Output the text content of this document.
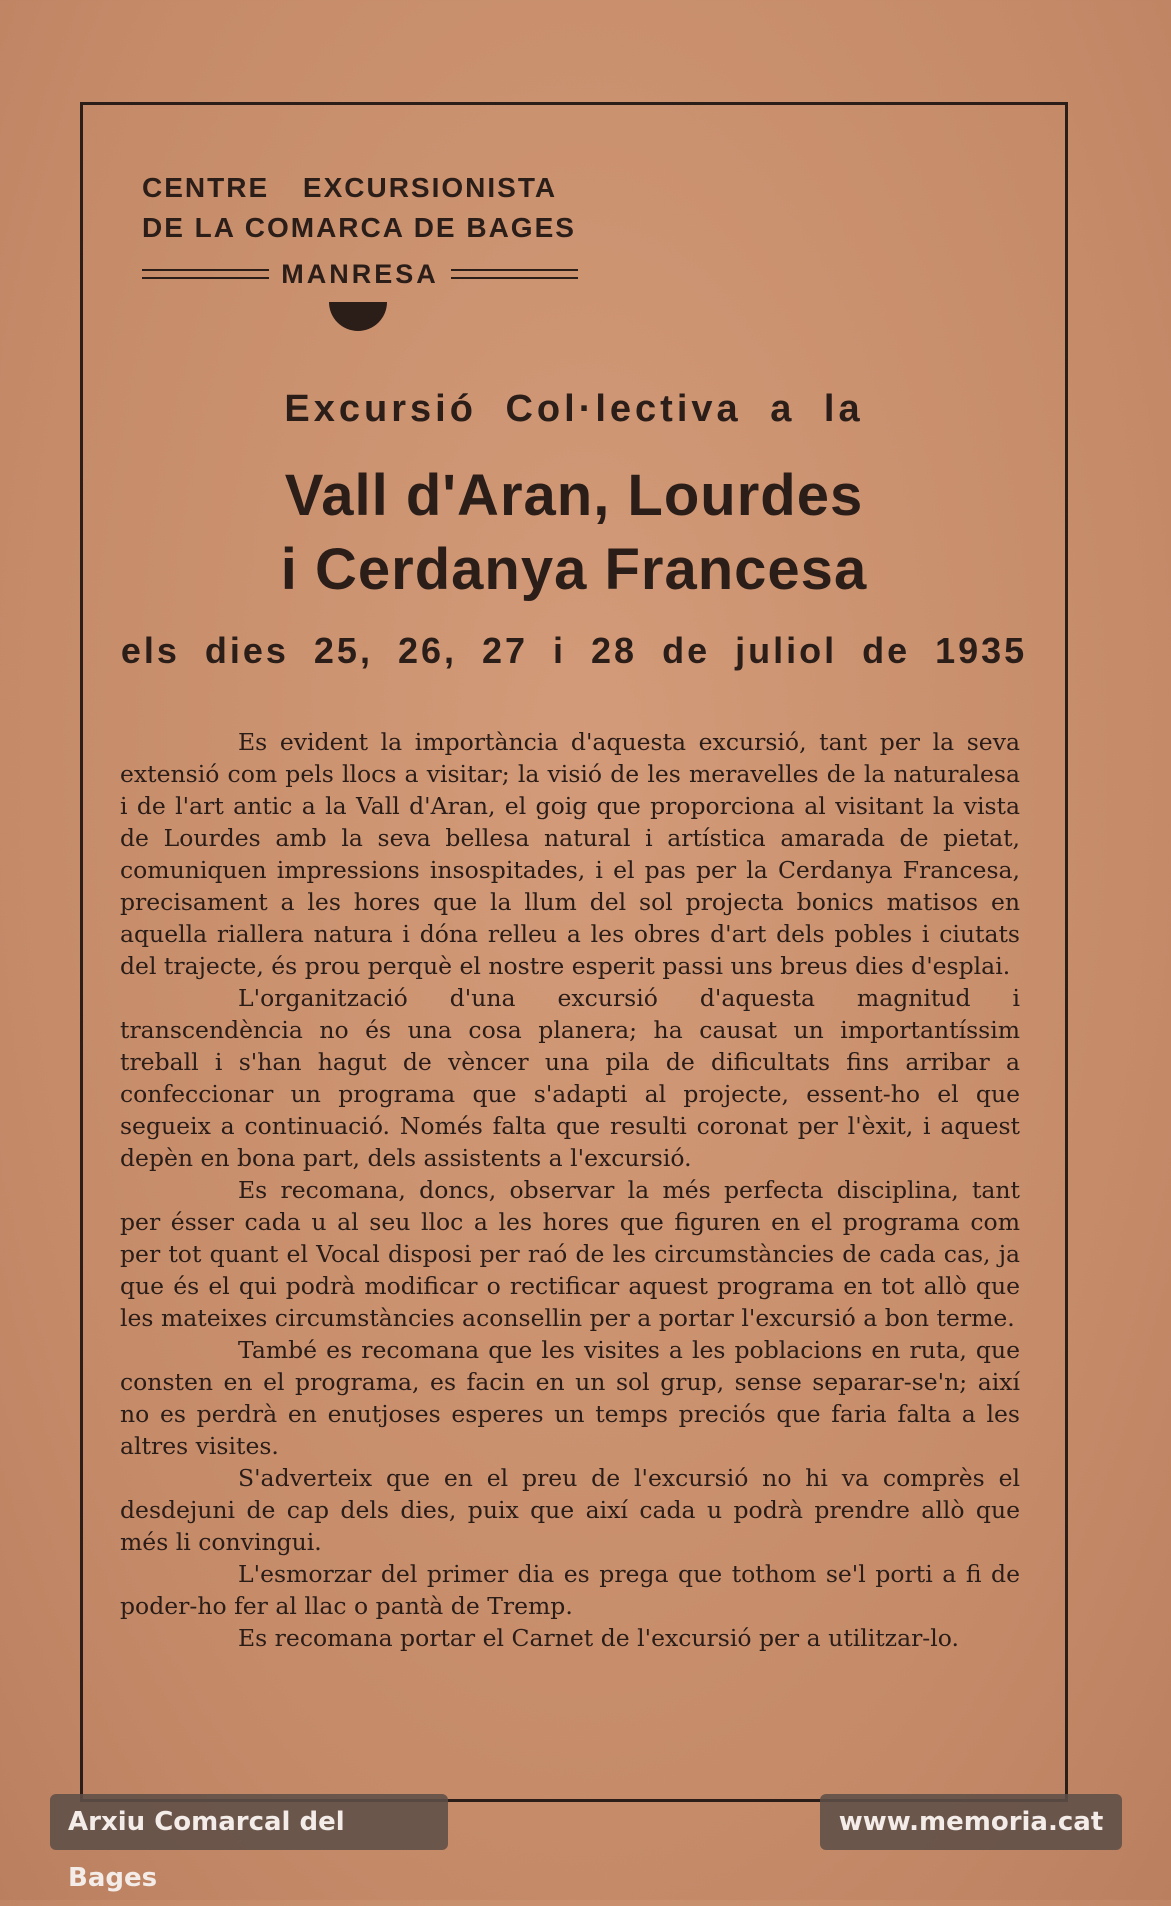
CENTRE EXCURSIONISTA
DE LA COMARCA DE BAGES
MANRESA
Excursió Col·lectiva a la
Vall d'Aran, Lourdes
i Cerdanya Francesa
els dies 25, 26, 27 i 28 de juliol de 1935

Es evident la importància d'aquesta excursió, tant per la seva extensió com pels llocs a visitar; la visió de les meravelles de la naturalesa i de l'art antic a la Vall d'Aran, el goig que proporciona al visitant la vista de Lourdes amb la seva bellesa natural i artística amarada de pietat, comuniquen impressions insospitades, i el pas per la Cerdanya Francesa, precisament a les hores que la llum del sol projecta bonics matisos en aquella riallera natura i dóna relleu a les obres d'art dels pobles i ciutats del trajecte, és prou perquè el nostre esperit passi uns breus dies d'esplai.

L'organització d'una excursió d'aquesta magnitud i transcendència no és una cosa planera; ha causat un importantíssim treball i s'han hagut de vèncer una pila de dificultats fins arribar a confeccionar un programa que s'adapti al projecte, essent-ho el que segueix a continuació. Només falta que resulti coronat per l'èxit, i aquest depèn en bona part, dels assistents a l'excursió.

Es recomana, doncs, observar la més perfecta disciplina, tant per ésser cada u al seu lloc a les hores que figuren en el programa com per tot quant el Vocal disposi per raó de les circumstàncies de cada cas, ja que és el qui podrà modificar o rectificar aquest programa en tot allò que les mateixes circumstàncies aconsellin per a portar l'excursió a bon terme.

També es recomana que les visites a les poblacions en ruta, que consten en el programa, es facin en un sol grup, sense separar-se'n; així no es perdrà en enutjoses esperes un temps preciós que faria falta a les altres visites.

S'adverteix que en el preu de l'excursió no hi va comprès el desdejuni de cap dels dies, puix que així cada u podrà prendre allò que més li convingui.

L'esmorzar del primer dia es prega que tothom se'l porti a fi de poder-ho fer al llac o pantà de Tremp.

Es recomana portar el Carnet de l'excursió per a utilitzar-lo.

Arxiu Comarcal del Bages
www.memoria.cat
